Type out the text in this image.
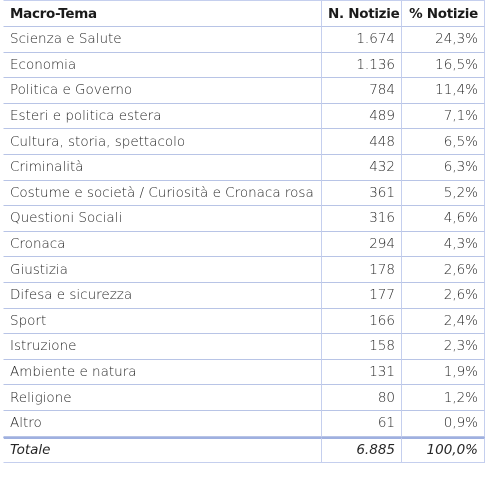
Macro-Tema	N. Notizie	% Notizie
Scienza e Salute	1.674	24,3%
Economia	1.136	16,5%
Politica e Governo	784	11,4%
Esteri e politica estera	489	7,1%
Cultura, storia, spettacolo	448	6,5%
Criminalità	432	6,3%
Costume e società / Curiosità e Cronaca rosa	361	5,2%
Questioni Sociali	316	4,6%
Cronaca	294	4,3%
Giustizia	178	2,6%
Difesa e sicurezza	177	2,6%
Sport	166	2,4%
Istruzione	158	2,3%
Ambiente e natura	131	1,9%
Religione	80	1,2%
Altro	61	0,9%
Totale	6.885	100,0%
